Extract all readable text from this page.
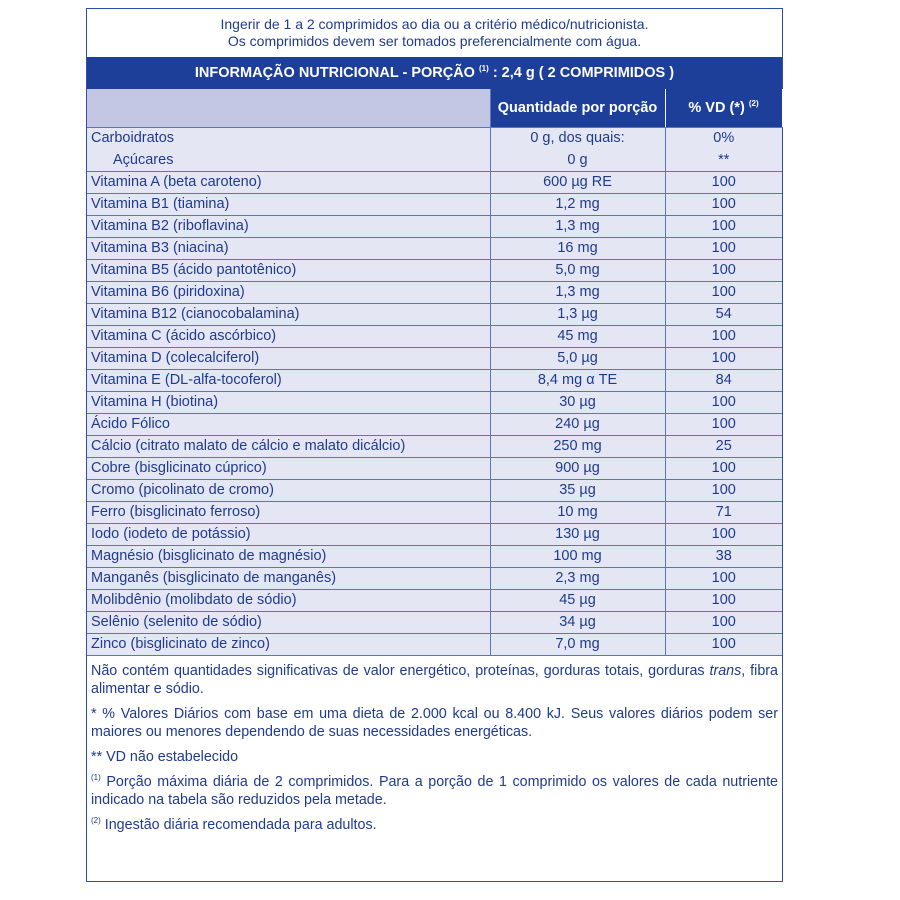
Ingerir de 1 a 2 comprimidos ao dia ou a critério médico/nutricionista.
Os comprimidos devem ser tomados preferencialmente com água.
INFORMAÇÃO NUTRICIONAL - PORÇÃO $^{(1)}$ : 2,4 g ( 2 COMPRIMIDOS )
	Quantidade por porção	% VD (*) $^{(2)}$
Carboidratos	0 g, dos quais:	0%
Açúcares	0 g	**
Vitamina A (beta caroteno)	600 µg RE	100
Vitamina B1 (tiamina)	1,2 mg	100
Vitamina B2 (riboflavina)	1,3 mg	100
Vitamina B3 (niacina)	16 mg	100
Vitamina B5 (ácido pantotênico)	5,0 mg	100
Vitamina B6 (piridoxina)	1,3 mg	100
Vitamina B12 (cianocobalamina)	1,3 µg	54
Vitamina C (ácido ascórbico)	45 mg	100
Vitamina D (colecalciferol)	5,0 µg	100
Vitamina E (DL-alfa-tocoferol)	8,4 mg α TE	84
Vitamina H (biotina)	30 µg	100
Ácido Fólico	240 µg	100
Cálcio (citrato malato de cálcio e malato dicálcio)	250 mg	25
Cobre (bisglicinato cúprico)	900 µg	100
Cromo (picolinato de cromo)	35 µg	100
Ferro (bisglicinato ferroso)	10 mg	71
Iodo (iodeto de potássio)	130 µg	100
Magnésio (bisglicinato de magnésio)	100 mg	38
Manganês (bisglicinato de manganês)	2,3 mg	100
Molibdênio (molibdato de sódio)	45 µg	100
Selênio (selenito de sódio)	34 µg	100
Zinco (bisglicinato de zinco)	7,0 mg	100
Não contém quantidades significativas de valor energético, proteínas, gorduras totais, gorduras trans, fibra alimentar e sódio.
* % Valores Diários com base em uma dieta de 2.000 kcal ou 8.400 kJ. Seus valores diários podem ser maiores ou menores dependendo de suas necessidades energéticas.
** VD não estabelecido
$^{(1)}$ Porção máxima diária de 2 comprimidos. Para a porção de 1 comprimido os valores de cada nutriente indicado na tabela são reduzidos pela metade.
$^{(2)}$ Ingestão diária recomendada para adultos.
